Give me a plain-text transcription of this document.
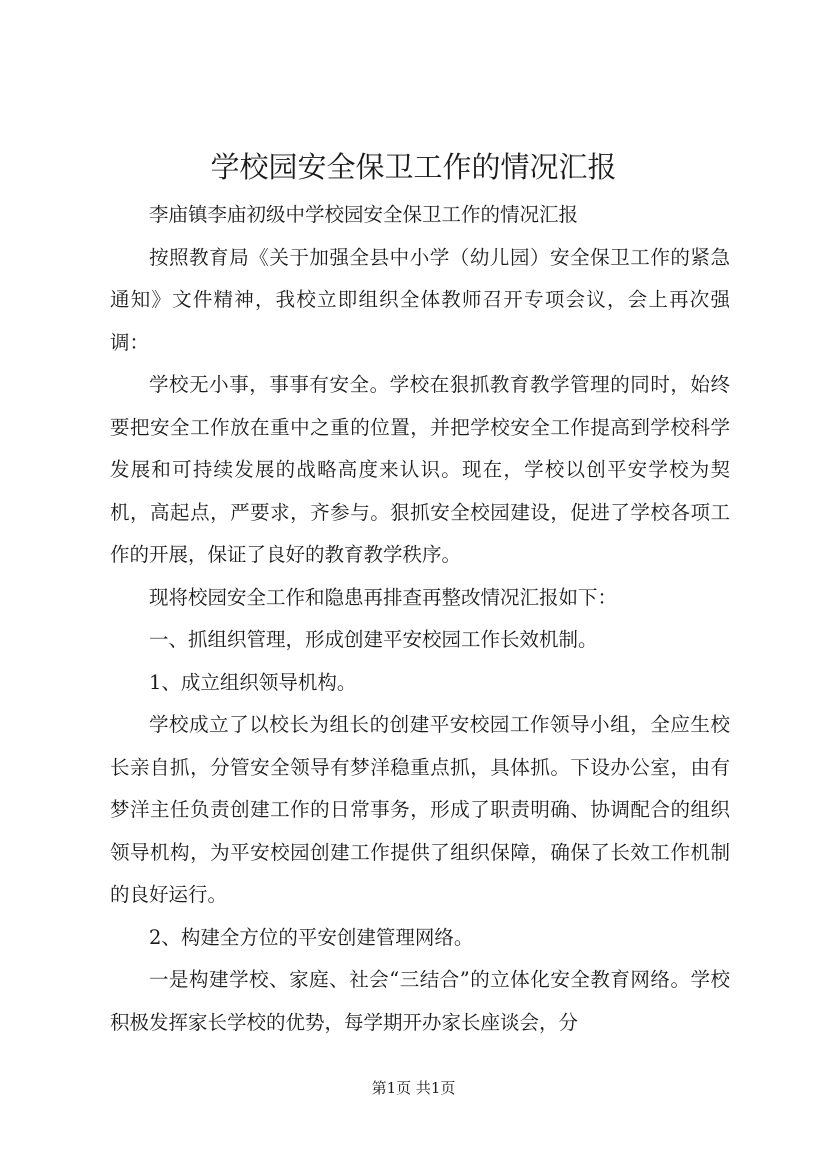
学校园安全保卫工作的情况汇报

李庙镇李庙初级中学校园安全保卫工作的情况汇报

按照教育局《关于加强全县中小学（幼儿园）安全保卫工作的紧急通知》文件精神，我校立即组织全体教师召开专项会议，会上再次强调：

学校无小事，事事有安全。学校在狠抓教育教学管理的同时，始终要把安全工作放在重中之重的位置，并把学校安全工作提高到学校科学发展和可持续发展的战略高度来认识。现在，学校以创平安学校为契机，高起点，严要求，齐参与。狠抓安全校园建设，促进了学校各项工作的开展，保证了良好的教育教学秩序。

现将校园安全工作和隐患再排查再整改情况汇报如下：

一、抓组织管理，形成创建平安校园工作长效机制。

1、成立组织领导机构。

学校成立了以校长为组长的创建平安校园工作领导小组，全应生校长亲自抓，分管安全领导有梦洋稳重点抓，具体抓。下设办公室，由有梦洋主任负责创建工作的日常事务，形成了职责明确、协调配合的组织领导机构，为平安校园创建工作提供了组织保障，确保了长效工作机制的良好运行。

2、构建全方位的平安创建管理网络。

一是构建学校、家庭、社会“三结合”的立体化安全教育网络。学校积极发挥家长学校的优势，每学期开办家长座谈会，分

第1页 共1页
